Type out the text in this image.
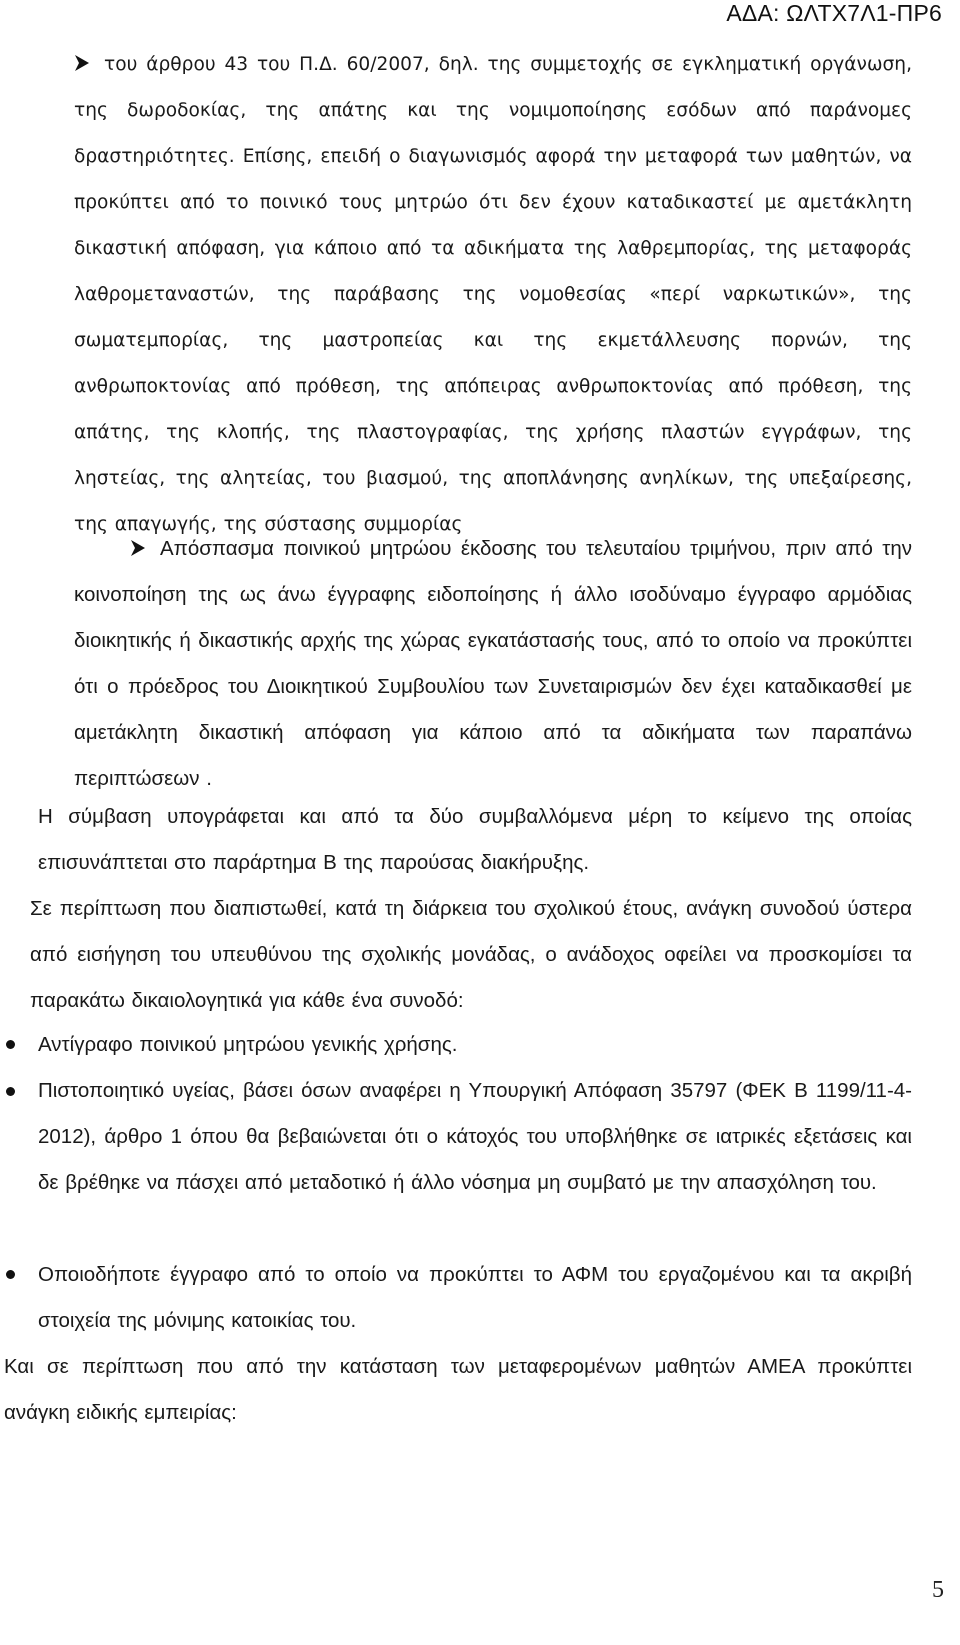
ΑΔΑ: ΩΛΤΧ7Λ1-ΠΡ6

του άρθρου 43 του Π.Δ. 60/2007, δηλ. της συμμετοχής σε εγκληματική οργάνωση, της δωροδοκίας, της απάτης και της νομιμοποίησης εσόδων από παράνομες δραστηριότητες. Επίσης, επειδή ο διαγωνισμός αφορά την μεταφορά των μαθητών, να προκύπτει από το ποινικό τους μητρώο ότι δεν έχουν καταδικαστεί με αμετάκλητη δικαστική απόφαση, για κάποιο από τα αδικήματα της λαθρεμπορίας, της μεταφοράς λαθρομεταναστών, της παράβασης της νομοθεσίας «περί ναρκωτικών», της σωματεμπορίας, της μαστροπείας και της εκμετάλλευσης πορνών, της ανθρωποκτονίας από πρόθεση, της απόπειρας ανθρωποκτονίας από πρόθεση, της απάτης, της κλοπής, της πλαστογραφίας, της χρήσης πλαστών εγγράφων, της ληστείας, της αλητείας, του βιασμού, της αποπλάνησης ανηλίκων, της υπεξαίρεσης, της απαγωγής, της σύστασης συμμορίας

Απόσπασμα ποινικού μητρώου έκδοσης του τελευταίου τριμήνου, πριν από την κοινοποίηση της ως άνω έγγραφης ειδοποίησης ή άλλο ισοδύναμο έγγραφο αρμόδιας διοικητικής ή δικαστικής αρχής της χώρας εγκατάστασής τους, από το οποίο να προκύπτει ότι ο πρόεδρος του Διοικητικού Συμβουλίου των Συνεταιρισμών δεν έχει καταδικασθεί με αμετάκλητη δικαστική απόφαση για κάποιο από τα αδικήματα των παραπάνω περιπτώσεων .

Η σύμβαση υπογράφεται και από τα δύο συμβαλλόμενα μέρη το κείμενο της οποίας επισυνάπτεται στο παράρτημα Β της παρούσας διακήρυξης.

Σε περίπτωση που διαπιστωθεί, κατά τη διάρκεια του σχολικού έτους, ανάγκη συνοδού ύστερα από εισήγηση του υπευθύνου της σχολικής μονάδας, ο ανάδοχος οφείλει να προσκομίσει τα παρακάτω δικαιολογητικά για κάθε ένα συνοδό:

Αντίγραφο ποινικού μητρώου γενικής χρήσης.

Πιστοποιητικό υγείας, βάσει όσων αναφέρει η Υπουργική Απόφαση 35797 (ΦΕΚ Β 1199/11-4-2012), άρθρο 1 όπου θα βεβαιώνεται ότι ο κάτοχός του υποβλήθηκε σε ιατρικές εξετάσεις και δε βρέθηκε να πάσχει από μεταδοτικό ή άλλο νόσημα μη συμβατό με την απασχόληση του.

Οποιοδήποτε έγγραφο από το οποίο να προκύπτει το ΑΦΜ του εργαζομένου και τα ακριβή στοιχεία της μόνιμης κατοικίας του.

Και σε περίπτωση που από την κατάσταση των μεταφερομένων μαθητών ΑΜΕΑ προκύπτει ανάγκη ειδικής εμπειρίας:

5
